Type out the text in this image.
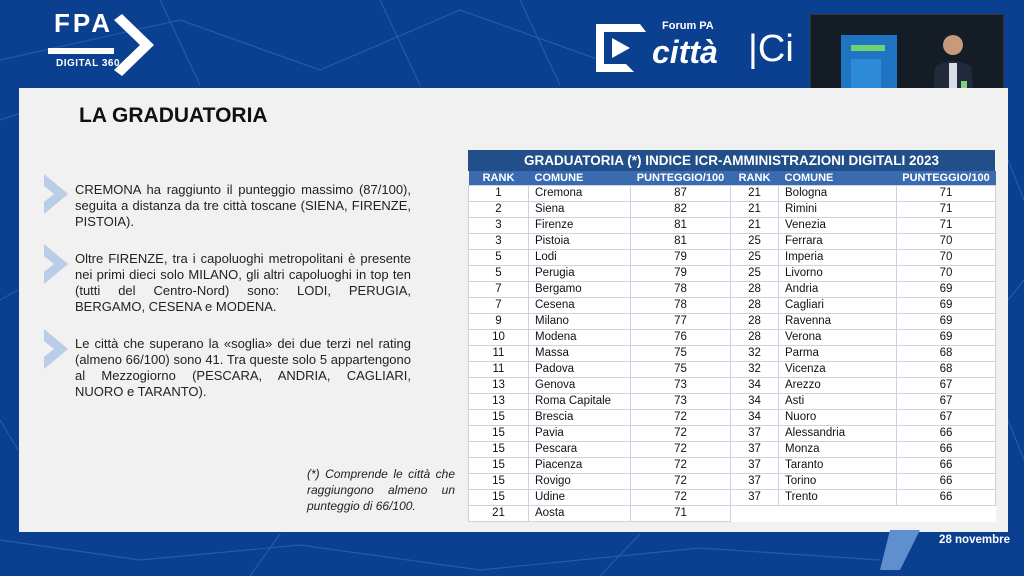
FPA
DIGITAL 360
Forum PA
città |Ci
LA GRADUATORIA
CREMONA ha raggiunto il punteggio massimo (87/100), seguita a distanza da tre città toscane (SIENA, FIRENZE, PISTOIA).
Oltre FIRENZE, tra i capoluoghi metropolitani è presente nei primi dieci solo MILANO, gli altri capoluoghi in top ten (tutti del Centro-Nord) sono: LODI, PERUGIA, BERGAMO, CESENA e MODENA.
Le città che superano la «soglia» dei due terzi nel rating (almeno 66/100) sono 41. Tra queste solo 5 appartengono al Mezzogiorno (PESCARA, ANDRIA, CAGLIARI, NUORO e TARANTO).
(*) Comprende le città che raggiungono almeno un punteggio di 66/100.
GRADUATORIA (*) INDICE ICR-AMMINISTRAZIONI DIGITALI 2023
RANK	COMUNE	PUNTEGGIO/100	RANK	COMUNE	PUNTEGGIO/100
1	Cremona	87	21	Bologna	71
2	Siena	82	21	Rimini	71
3	Firenze	81	21	Venezia	71
3	Pistoia	81	25	Ferrara	70
5	Lodi	79	25	Imperia	70
5	Perugia	79	25	Livorno	70
7	Bergamo	78	28	Andria	69
7	Cesena	78	28	Cagliari	69
9	Milano	77	28	Ravenna	69
10	Modena	76	28	Verona	69
11	Massa	75	32	Parma	68
11	Padova	75	32	Vicenza	68
13	Genova	73	34	Arezzo	67
13	Roma Capitale	73	34	Asti	67
15	Brescia	72	34	Nuoro	67
15	Pavia	72	37	Alessandria	66
15	Pescara	72	37	Monza	66
15	Piacenza	72	37	Taranto	66
15	Rovigo	72	37	Torino	66
15	Udine	72	37	Trento	66
21	Aosta	71			
28 novembre
